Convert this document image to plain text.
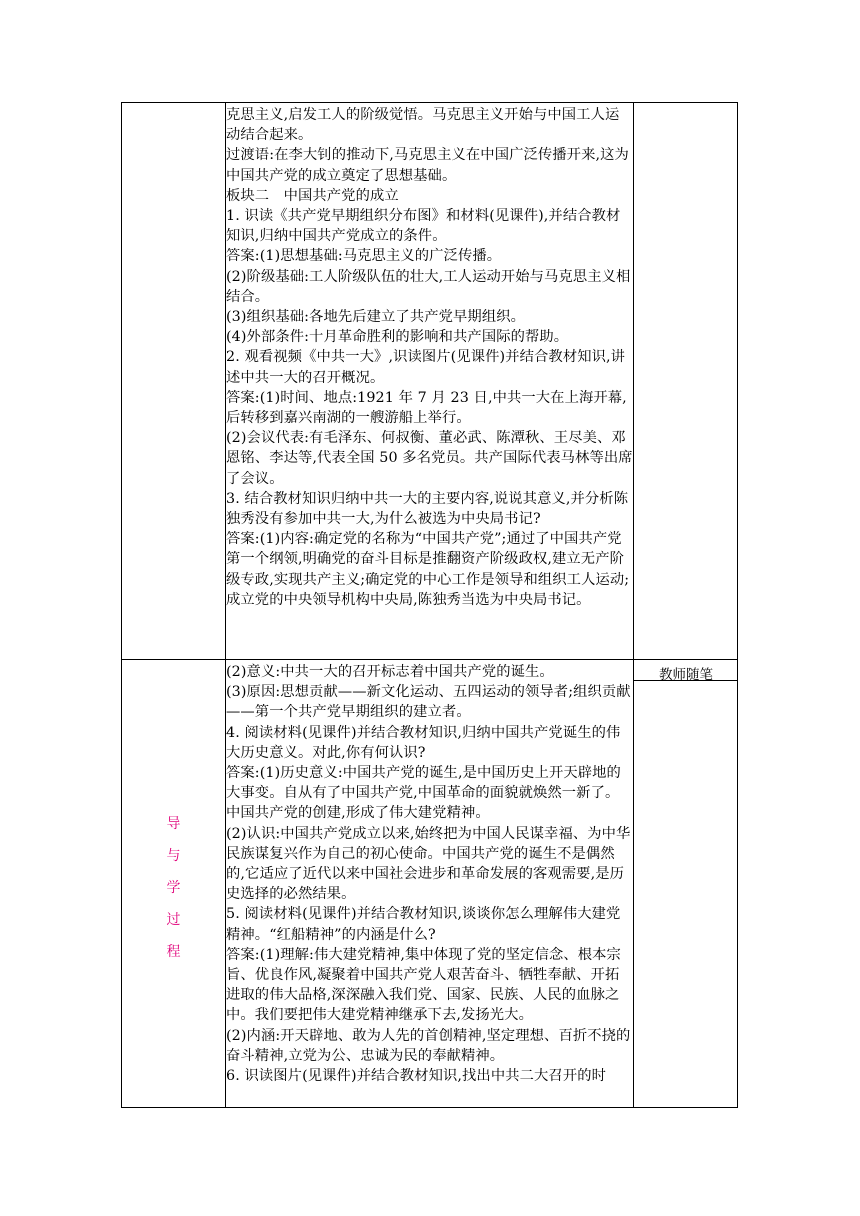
克思主义,启发工人的阶级觉悟。马克思主义开始与中国工人运动结合起来。

过渡语:在李大钊的推动下,马克思主义在中国广泛传播开来,这为中国共产党的成立奠定了思想基础。

板块二　中国共产党的成立

1. 识读《共产党早期组织分布图》和材料(见课件),并结合教材知识,归纳中国共产党成立的条件。

答案:(1)思想基础:马克思主义的广泛传播。

(2)阶级基础:工人阶级队伍的壮大,工人运动开始与马克思主义相结合。

(3)组织基础:各地先后建立了共产党早期组织。

(4)外部条件:十月革命胜利的影响和共产国际的帮助。

2. 观看视频《中共一大》,识读图片(见课件)并结合教材知识,讲述中共一大的召开概况。

答案:(1)时间、地点:1921 年 7 月 23 日,中共一大在上海开幕,后转移到嘉兴南湖的一艘游船上举行。

(2)会议代表:有毛泽东、何叔衡、董必武、陈潭秋、王尽美、邓恩铭、李达等,代表全国 50 多名党员。共产国际代表马林等出席了会议。

3. 结合教材知识归纳中共一大的主要内容,说说其意义,并分析陈独秀没有参加中共一大,为什么被选为中央局书记?

答案:(1)内容:确定党的名称为“中国共产党”;通过了中国共产党第一个纲领,明确党的奋斗目标是推翻资产阶级政权,建立无产阶级专政,实现共产主义;确定党的中心工作是领导和组织工人运动;成立党的中央领导机构中央局,陈独秀当选为中央局书记。

导
与
学
过
程

(2)意义:中共一大的召开标志着中国共产党的诞生。

(3)原因:思想贡献——新文化运动、五四运动的领导者;组织贡献——第一个共产党早期组织的建立者。

4. 阅读材料(见课件)并结合教材知识,归纳中国共产党诞生的伟大历史意义。对此,你有何认识?

答案:(1)历史意义:中国共产党的诞生,是中国历史上开天辟地的大事变。自从有了中国共产党,中国革命的面貌就焕然一新了。中国共产党的创建,形成了伟大建党精神。

(2)认识:中国共产党成立以来,始终把为中国人民谋幸福、为中华民族谋复兴作为自己的初心使命。中国共产党的诞生不是偶然的,它适应了近代以来中国社会进步和革命发展的客观需要,是历史选择的必然结果。

5. 阅读材料(见课件)并结合教材知识,谈谈你怎么理解伟大建党精神。“红船精神”的内涵是什么?

答案:(1)理解:伟大建党精神,集中体现了党的坚定信念、根本宗旨、优良作风,凝聚着中国共产党人艰苦奋斗、牺牲奉献、开拓进取的伟大品格,深深融入我们党、国家、民族、人民的血脉之中。我们要把伟大建党精神继承下去,发扬光大。

(2)内涵:开天辟地、敢为人先的首创精神,坚定理想、百折不挠的奋斗精神,立党为公、忠诚为民的奉献精神。

6. 识读图片(见课件)并结合教材知识,找出中共二大召开的时

教师随笔
